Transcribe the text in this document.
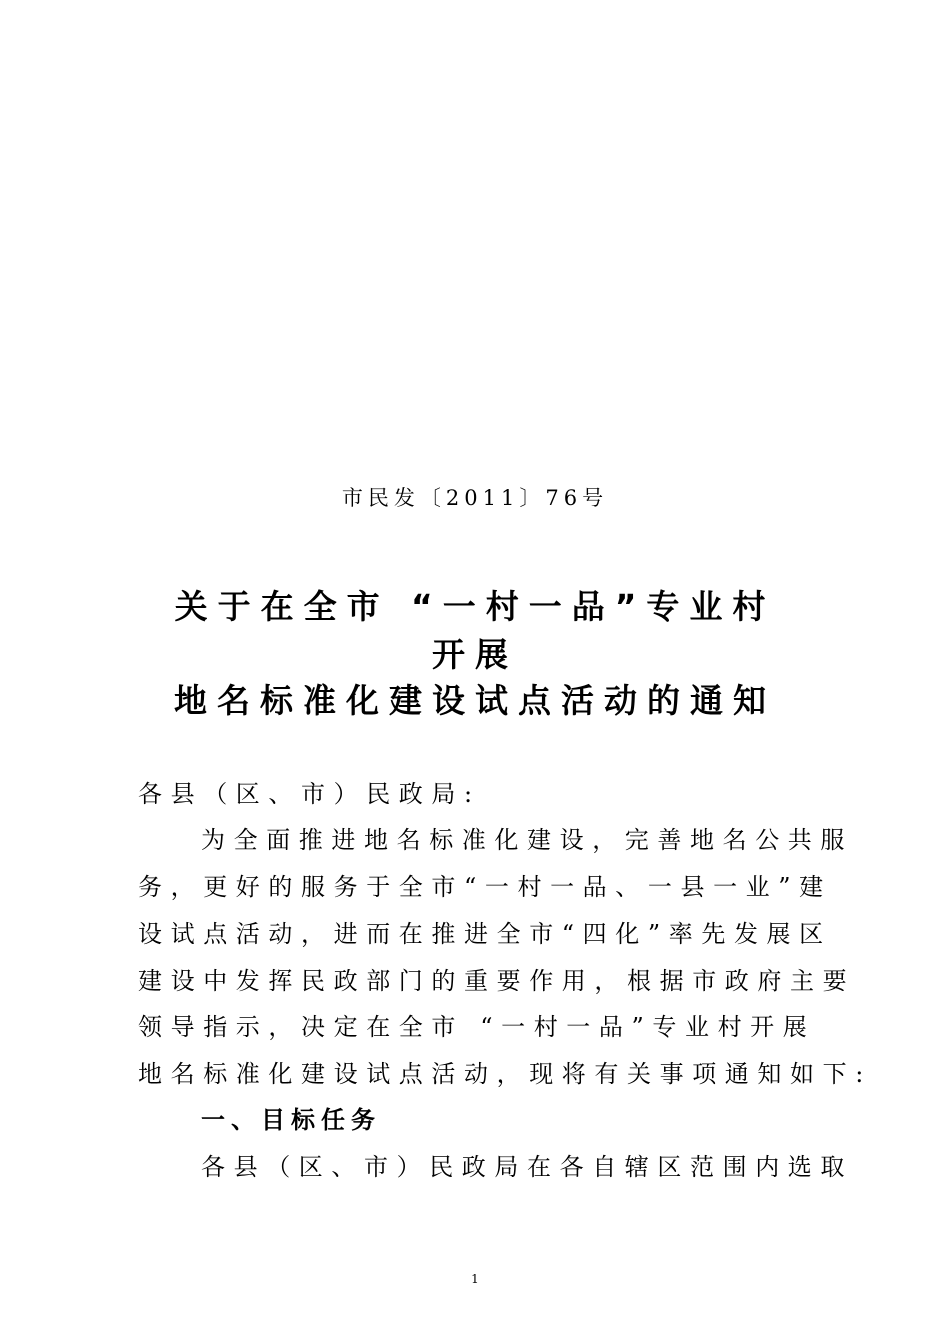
市民发〔2011〕76号
关于在全市 “一村一品”专业村
开展
地名标准化建设试点活动的通知
各县（区、市）民政局:
为全面推进地名标准化建设，完善地名公共服
务，更好的服务于全市“一村一品、一县一业”建
设试点活动，进而在推进全市“四化”率先发展区
建设中发挥民政部门的重要作用，根据市政府主要
领导指示，决定在全市 “一村一品”专业村开展
地名标准化建设试点活动，现将有关事项通知如下:
一、目标任务
各县（区、市）民政局在各自辖区范围内选取
1
